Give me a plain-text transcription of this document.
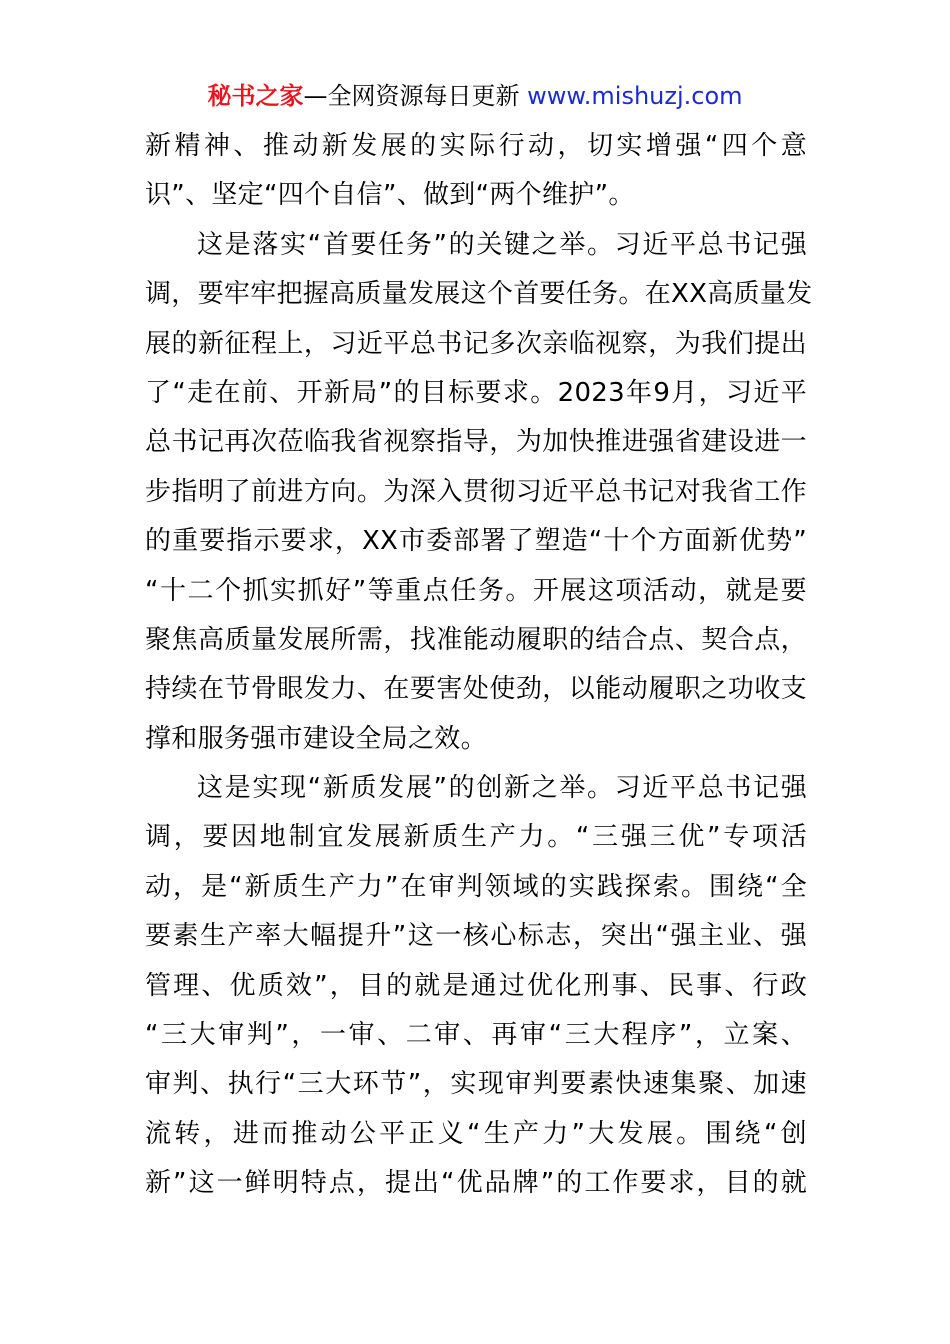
秘书之家—全网资源每日更新 www.mishuzj.com
新精神、推动新发展的实际行动，切实增强“四个意
识”、坚定“四个自信”、做到“两个维护”。
这是落实“首要任务”的关键之举。习近平总书记强
调，要牢牢把握高质量发展这个首要任务。在XX高质量发
展的新征程上，习近平总书记多次亲临视察，为我们提出
了“走在前、开新局”的目标要求。2023年9月，习近平
总书记再次莅临我省视察指导，为加快推进强省建设进一
步指明了前进方向。为深入贯彻习近平总书记对我省工作
的重要指示要求，XX市委部署了塑造“十个方面新优势”
“十二个抓实抓好”等重点任务。开展这项活动，就是要
聚焦高质量发展所需，找准能动履职的结合点、契合点，
持续在节骨眼发力、在要害处使劲，以能动履职之功收支
撑和服务强市建设全局之效。
这是实现“新质发展”的创新之举。习近平总书记强
调，要因地制宜发展新质生产力。“三强三优”专项活
动，是“新质生产力”在审判领域的实践探索。围绕“全
要素生产率大幅提升”这一核心标志，突出“强主业、强
管理、优质效”，目的就是通过优化刑事、民事、行政
“三大审判”，一审、二审、再审“三大程序”，立案、
审判、执行“三大环节”，实现审判要素快速集聚、加速
流转，进而推动公平正义“生产力”大发展。围绕“创
新”这一鲜明特点，提出“优品牌”的工作要求，目的就
